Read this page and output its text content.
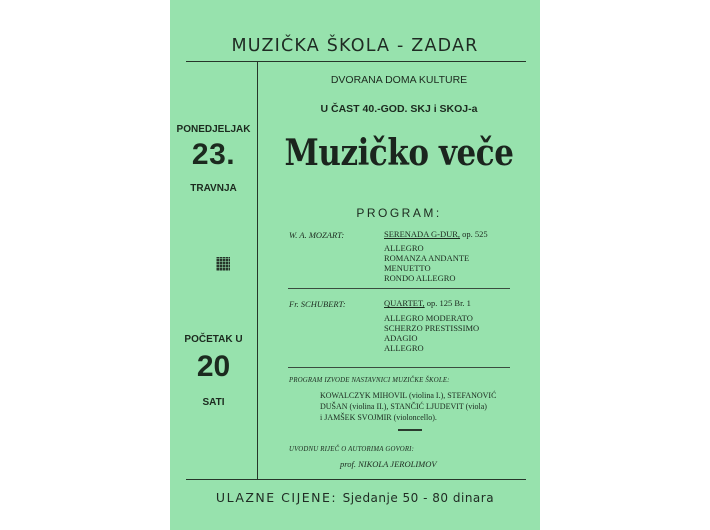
MUZIČKA ŠKOLA - ZADAR
PONEDJELJAK
23.
TRAVNJA
POČETAK U
20
SATI
DVORANA DOMA KULTURE
U ČAST 40.-GOD. SKJ i SKOJ-a
Muzičko veče
PROGRAM:
W. A. MOZART:	SERENADA G-DUR, op. 525
ALLEGRO
ROMANZA ANDANTE
MENUETTO
RONDO ALLEGRO
Fr. SCHUBERT:	QUARTET, op. 125 Br. 1
ALLEGRO MODERATO
SCHERZO PRESTISSIMO
ADAGIO
ALLEGRO
PROGRAM IZVODE NASTAVNICI MUZIČKE ŠKOLE:
KOWALCZYK MIHOVIL (violina I.), STEFANOVIĆ
DUŠAN (violina II.), STANČIĆ LJUDEVIT (viola)
i JAMŠEK SVOJMIR (violoncello).
UVODNU RIJEČ O AUTORIMA GOVORI:
prof. NIKOLA JEROLIMOV
ULAZNE CIJENE: Sjedanje 50 - 80 dinara
